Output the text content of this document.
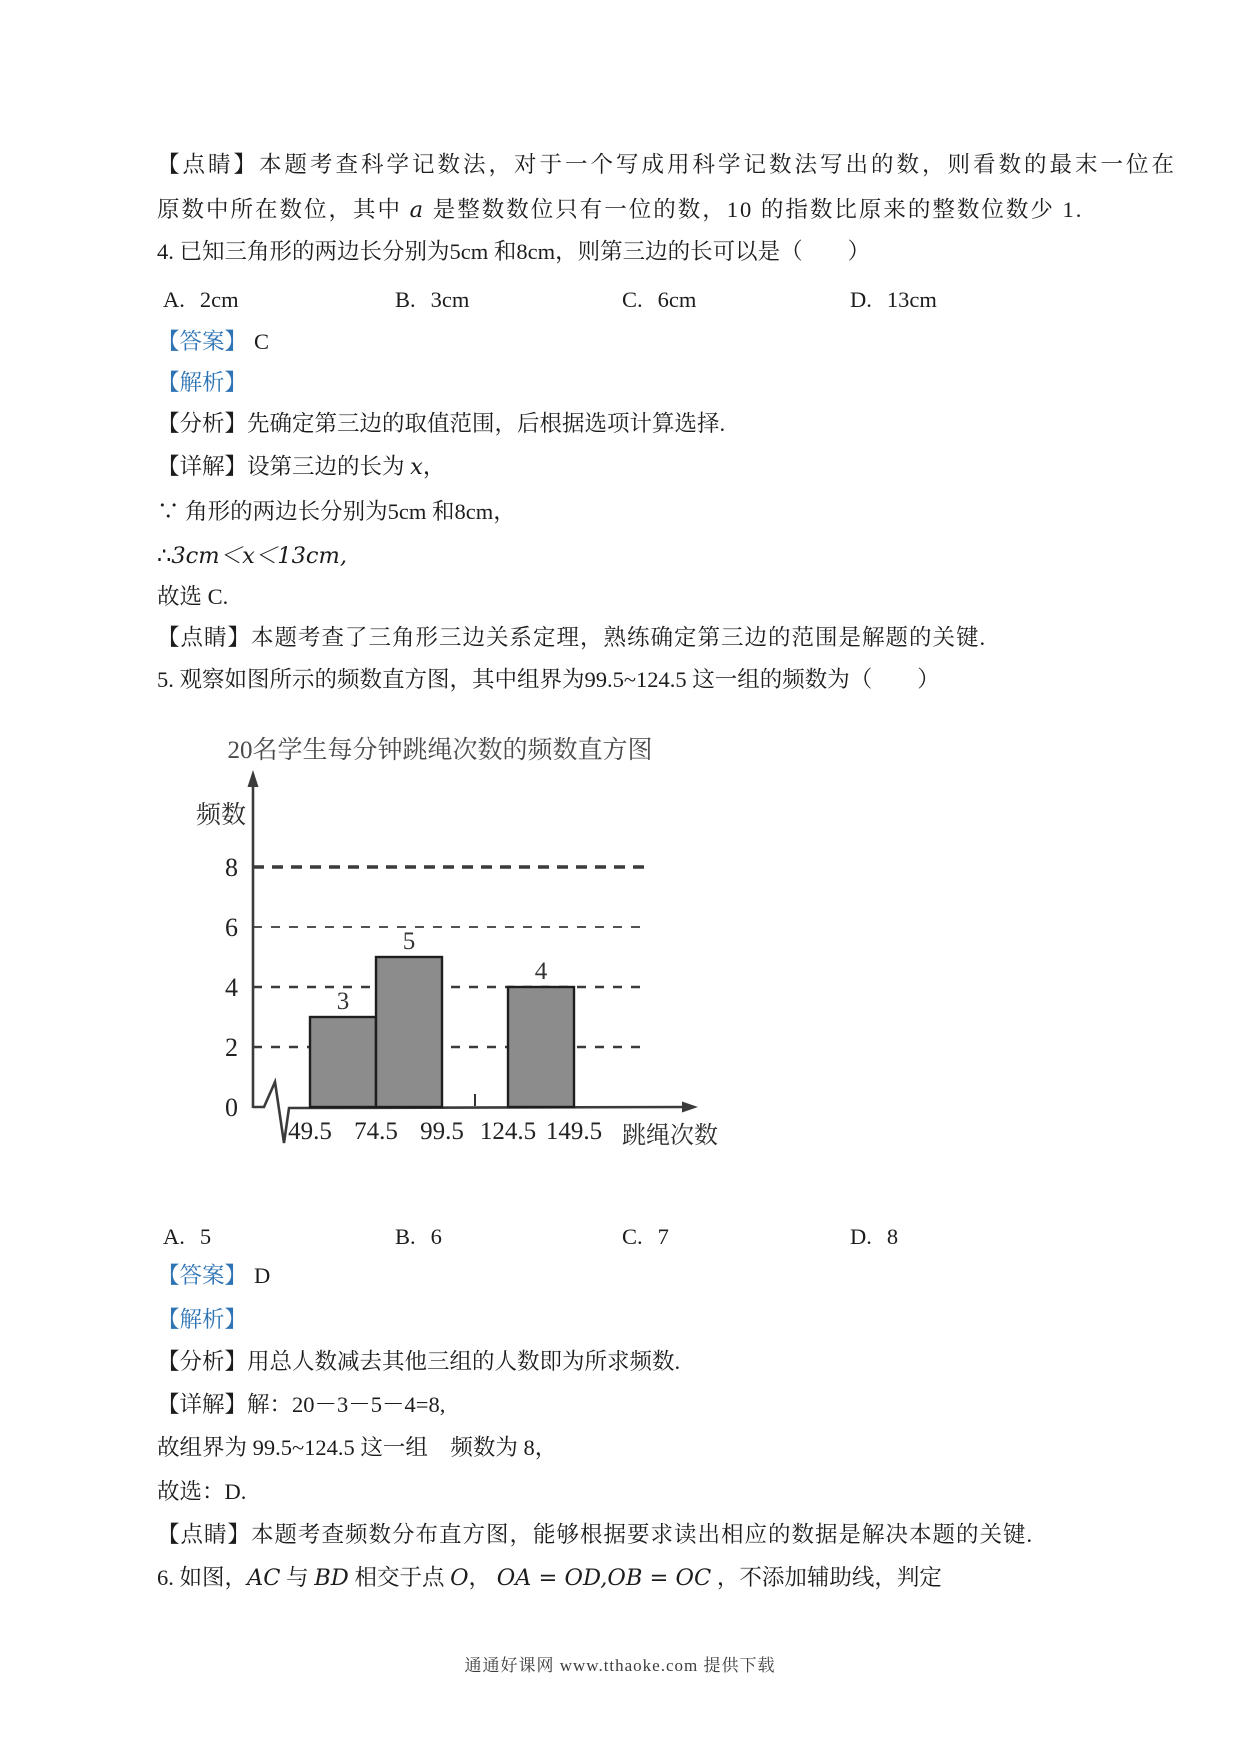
【点睛】本题考查科学记数法，对于一个写成用科学记数法写出的数，则看数的最末一位在
原数中所在数位，其中 a 是整数数位只有一位的数，10 的指数比原来的整数位数少 1.
4. 已知三角形的两边长分别为5cm 和8cm，则第三边的长可以是（　　）
A. 2cm	B. 3cm	C. 6cm	D. 13cm
【答案】 C
【解析】
【分析】先确定第三边的取值范围，后根据选项计算选择.
【详解】设第三边的长为 x，
∵ 角形的两边长分别为5cm 和8cm，
∴3cm＜x＜13cm,
故选 C.
【点睛】本题考查了三角形三边关系定理，熟练确定第三边的范围是解题的关键.
5. 观察如图所示的频数直方图，其中组界为99.5~124.5 这一组的频数为（　　）
20名学生每分钟跳绳次数的频数直方图
频数
跳绳次数
0
2
4
6
8
3
5
4
49.5 74.5 99.5 124.5 149.5
A. 5	B. 6	C. 7	D. 8
【答案】 D
【解析】
【分析】用总人数减去其他三组的人数即为所求频数.
【详解】解：20－3－5－4=8,
故组界为 99.5~124.5 这一组　频数为 8，
故选：D.
【点睛】本题考查频数分布直方图，能够根据要求读出相应的数据是解决本题的关键.
6. 如图，AC 与 BD 相交于点 O， OA = OD,OB = OC ，不添加辅助线，判定
通通好课网 www.tthaoke.com 提供下载
